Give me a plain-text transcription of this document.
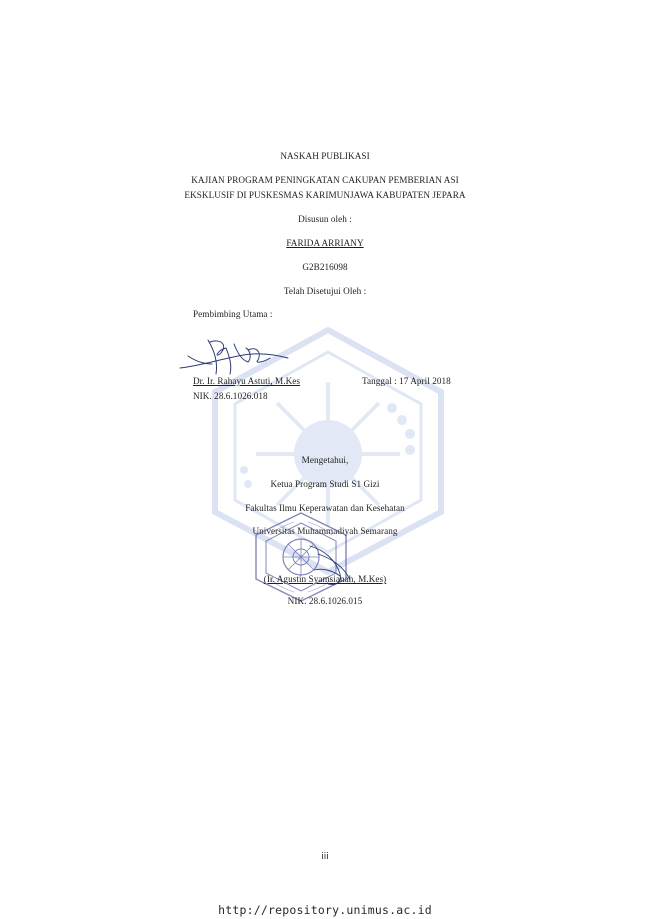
NASKAH PUBLIKASI
KAJIAN PROGRAM PENINGKATAN CAKUPAN PEMBERIAN ASI
EKSKLUSIF DI PUSKESMAS KARIMUNJAWA KABUPATEN JEPARA
Disusun oleh :
FARIDA ARRIANY
G2B216098
Telah Disetujui Oleh :
Pembimbing Utama :
Dr. Ir. Rahayu Astuti, M.Kes	Tanggal : 17 April 2018
NIK. 28.6.1026.018
Mengetahui,
Ketua Program Studi S1 Gizi
Fakultas Ilmu Keperawatan dan Kesehatan
Universitas Muhammadiyah Semarang
(Ir. Agustin Syamsianah, M.Kes)
NIK. 28.6.1026.015
iii
http://repository.unimus.ac.id
